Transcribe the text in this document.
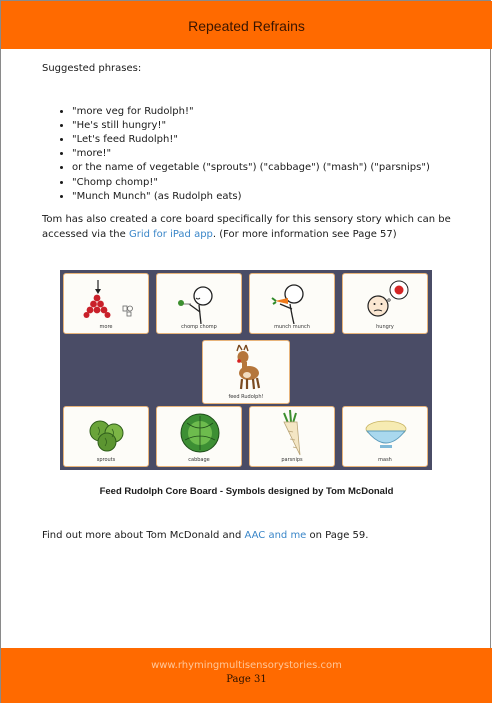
Repeated Refrains

Suggested phrases:

• "more veg for Rudolph!"
• "He's still hungry!"
• "Let's feed Rudolph!"
• "more!"
• or the name of vegetable ("sprouts") ("cabbage") ("mash") ("parsnips")
• "Chomp chomp!"
• "Munch Munch" (as Rudolph eats)
Tom has also created a core board specifically for this sensory story which can be accessed via the Grid for iPad app. (For more information see Page 57)
more	chomp chomp	munch munch	hungry
feed Rudolph!
sprouts	cabbage	parsnips	mash
Feed Rudolph Core Board - Symbols designed by Tom McDonald
Find out more about Tom McDonald and AAC and me on Page 59.
www.rhymingmultisensorystories.com
Page 31
